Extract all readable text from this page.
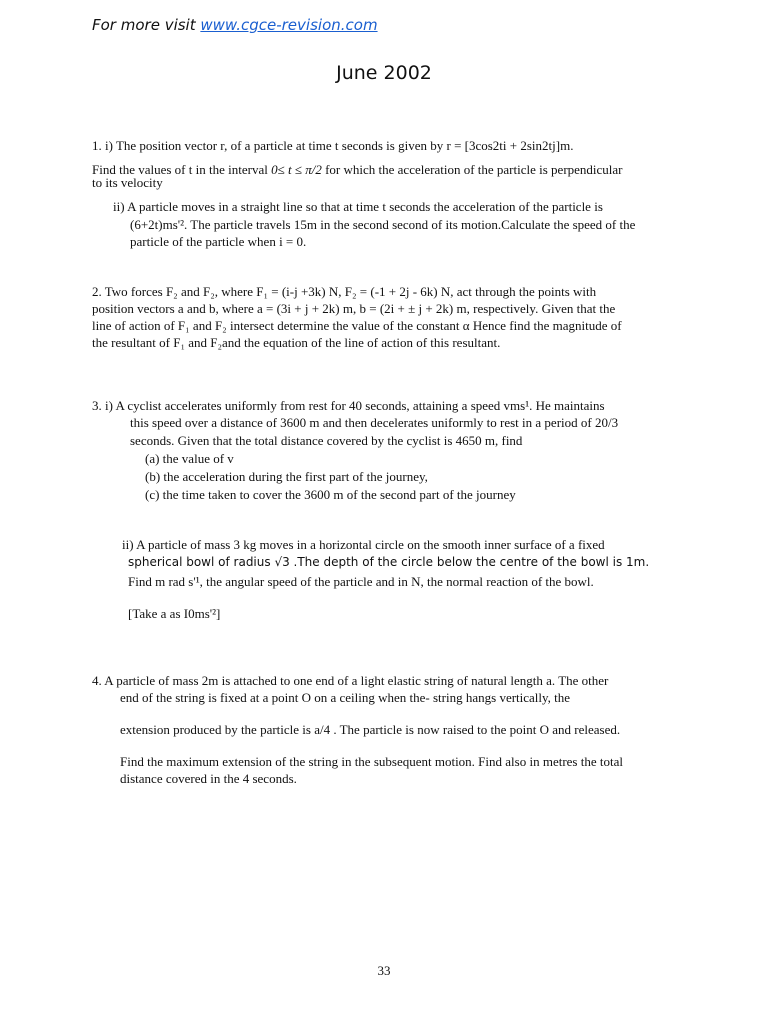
For more visit www.cgce-revision.com
June 2002
1. i) The position vector r, of a particle at time t seconds is given by r = [3cos2ti + 2sin2tj]m.
Find the values of t in the interval 0≤ t ≤ π/2 for which the acceleration of the particle is perpendicular
to its velocity
ii) A particle moves in a straight line so that at time t seconds the acceleration of the particle is
(6+2t)ms'². The particle travels 15m in the second second of its motion.Calculate the speed of the
particle of the particle when i = 0.
2. Two forces F₂ and F₂, where F₁ = (i-j +3k) N, F₂ = (-1 + 2j - 6k) N, act through the points with
position vectors a and b, where a = (3i + j + 2k) m, b = (2i + ± j + 2k) m, respectively. Given that the
line of action of F₁ and F₂ intersect determine the value of the constant α Hence find the magnitude of
the resultant of F₁ and F₂and the equation of the line of action of this resultant.
3. i) A cyclist accelerates uniformly from rest for 40 seconds, attaining a speed vms¹. He maintains
this speed over a distance of 3600 m and then decelerates uniformly to rest in a period of 20/3
seconds. Given that the total distance covered by the cyclist is 4650 m, find
(a) the value of v
(b) the acceleration during the first part of the journey,
(c) the time taken to cover the 3600 m of the second part of the journey
ii) A particle of mass 3 kg moves in a horizontal circle on the smooth inner surface of a fixed
spherical bowl of radius √3 .The depth of the circle below the centre of the bowl is 1m.
Find m rad s'¹, the angular speed of the particle and in N, the normal reaction of the bowl.
[Take a as I0ms'²]
4. A particle of mass 2m is attached to one end of a light elastic string of natural length a. The other
end of the string is fixed at a point O on a ceiling when the- string hangs vertically, the
extension produced by the particle is a/4 . The particle is now raised to the point O and released.
Find the maximum extension of the string in the subsequent motion. Find also in metres the total
distance covered in the 4 seconds.
33
